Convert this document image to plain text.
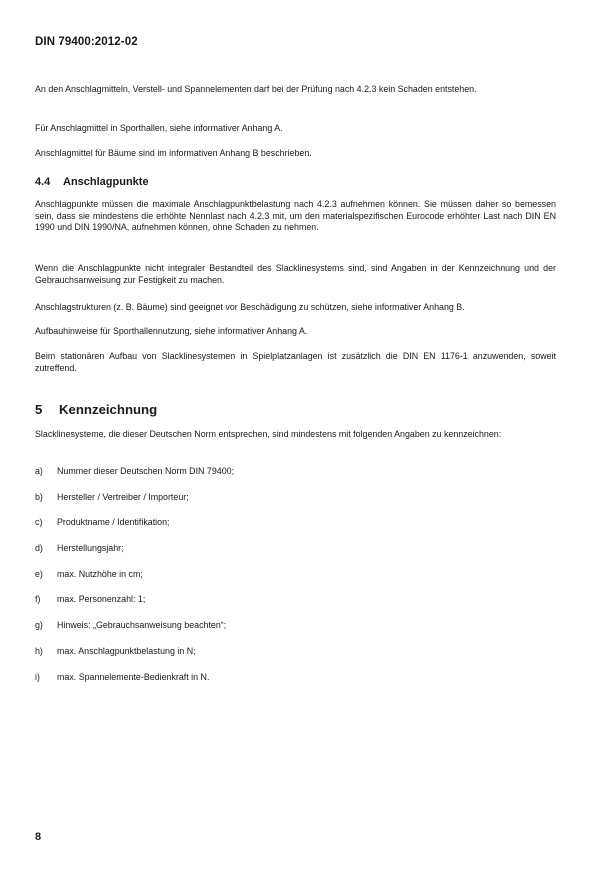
DIN 79400:2012-02
An den Anschlagmitteln, Verstell- und Spannelementen darf bei der Prüfung nach 4.2.3 kein Schaden entstehen.
Für Anschlagmittel in Sporthallen, siehe informativer Anhang A.
Anschlagmittel für Bäume sind im informativen Anhang B beschrieben.
4.4 Anschlagpunkte
Anschlagpunkte müssen die maximale Anschlagpunktbelastung nach 4.2.3 aufnehmen können. Sie müssen daher so bemessen sein, dass sie mindestens die erhöhte Nennlast nach 4.2.3 mit, um den materialspezifischen Eurocode erhöhter Last nach DIN EN 1990 und DIN 1990/NA, aufnehmen können, ohne Schaden zu nehmen.
Wenn die Anschlagpunkte nicht integraler Bestandteil des Slacklinesystems sind, sind Angaben in der Kennzeichnung und der Gebrauchsanweisung zur Festigkeit zu machen.
Anschlagstrukturen (z. B. Bäume) sind geeignet vor Beschädigung zu schützen, siehe informativer Anhang B.
Aufbauhinweise für Sporthallennutzung, siehe informativer Anhang A.
Beim stationären Aufbau von Slacklinesystemen in Spielplatzanlagen ist zusätzlich die DIN EN 1176-1 anzuwenden, soweit zutreffend.
5 Kennzeichnung
Slacklinesysteme, die dieser Deutschen Norm entsprechen, sind mindestens mit folgenden Angaben zu kennzeichnen:
a)	Nummer dieser Deutschen Norm DIN 79400;
b)	Hersteller / Vertreiber / Importeur;
c)	Produktname / Identifikation;
d)	Herstellungsjahr;
e)	max. Nutzhöhe in cm;
f)	max. Personenzahl: 1;
g)	Hinweis: „Gebrauchsanweisung beachten“;
h)	max. Anschlagpunktbelastung in N;
i)	max. Spannelemente-Bedienkraft in N.
8
